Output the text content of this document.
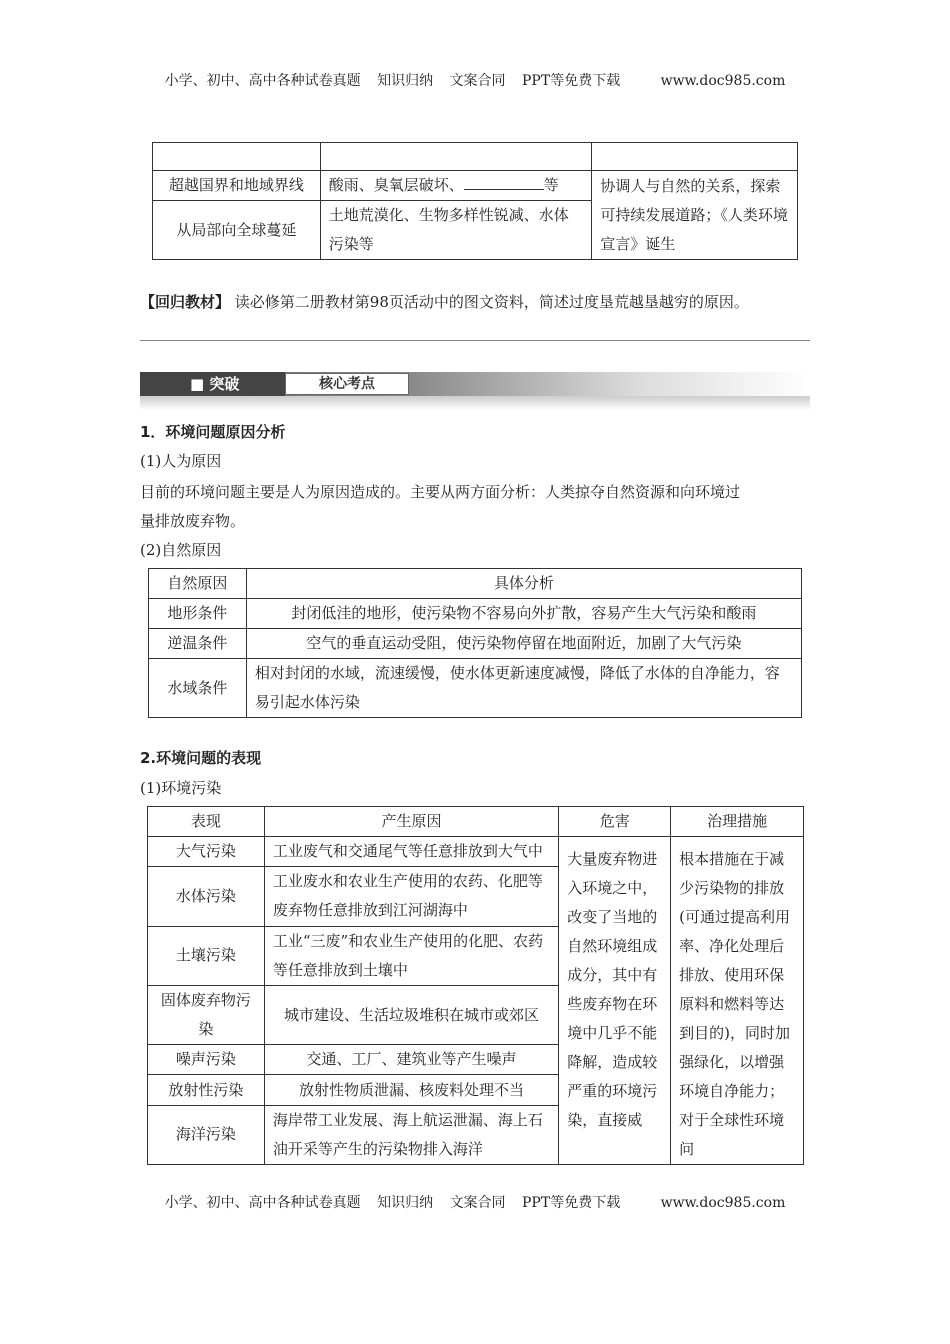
小学、初中、高中各种试卷真题 知识归纳 文案合同 PPT等免费下载	www.doc985.com

超越国界和地域界线	酸雨、臭氧层破坏、 等	协调人与自然的关系，探索可持续发展道路；《人类环境宣言》诞生
从局部向全球蔓延	土地荒漠化、生物多样性锐减、水体污染等	
【回归教材】 读必修第二册教材第98页活动中的图文资料，简述过度垦荒越垦越穷的原因。
■ 突破	核心考点
1．环境问题原因分析
(1)人为原因
目前的环境问题主要是人为原因造成的。主要从两方面分析：人类掠夺自然资源和向环境过
量排放废弃物。
(2)自然原因
自然原因	具体分析
地形条件	封闭低洼的地形，使污染物不容易向外扩散，容易产生大气污染和酸雨
逆温条件	空气的垂直运动受阻，使污染物停留在地面附近，加剧了大气污染
水域条件	相对封闭的水域，流速缓慢，使水体更新速度减慢，降低了水体的自净能力，容易引起水体污染
2.环境问题的表现
(1)环境污染
表现	产生原因	危害	治理措施
大气污染	工业废气和交通尾气等任意排放到大气中	大量废弃物进入环境之中，改变了当地的自然环境组成成分，其中有些废弃物在环境中几乎不能降解，造成较严重的环境污染，直接威	根本措施在于减少污染物的排放(可通过提高利用率、净化处理后排放、使用环保原料和燃料等达到目的)，同时加强绿化，以增强环境自净能力；对于全球性环境问
水体污染	工业废水和农业生产使用的农药、化肥等废弃物任意排放到江河湖海中		
土壤污染	工业“三废”和农业生产使用的化肥、农药等任意排放到土壤中		
固体废弃物污染	城市建设、生活垃圾堆积在城市或郊区		
噪声污染	交通、工厂、建筑业等产生噪声		
放射性污染	放射性物质泄漏、核废料处理不当		
海洋污染	海岸带工业发展、海上航运泄漏、海上石油开采等产生的污染物排入海洋		
小学、初中、高中各种试卷真题 知识归纳 文案合同 PPT等免费下载	www.doc985.com
